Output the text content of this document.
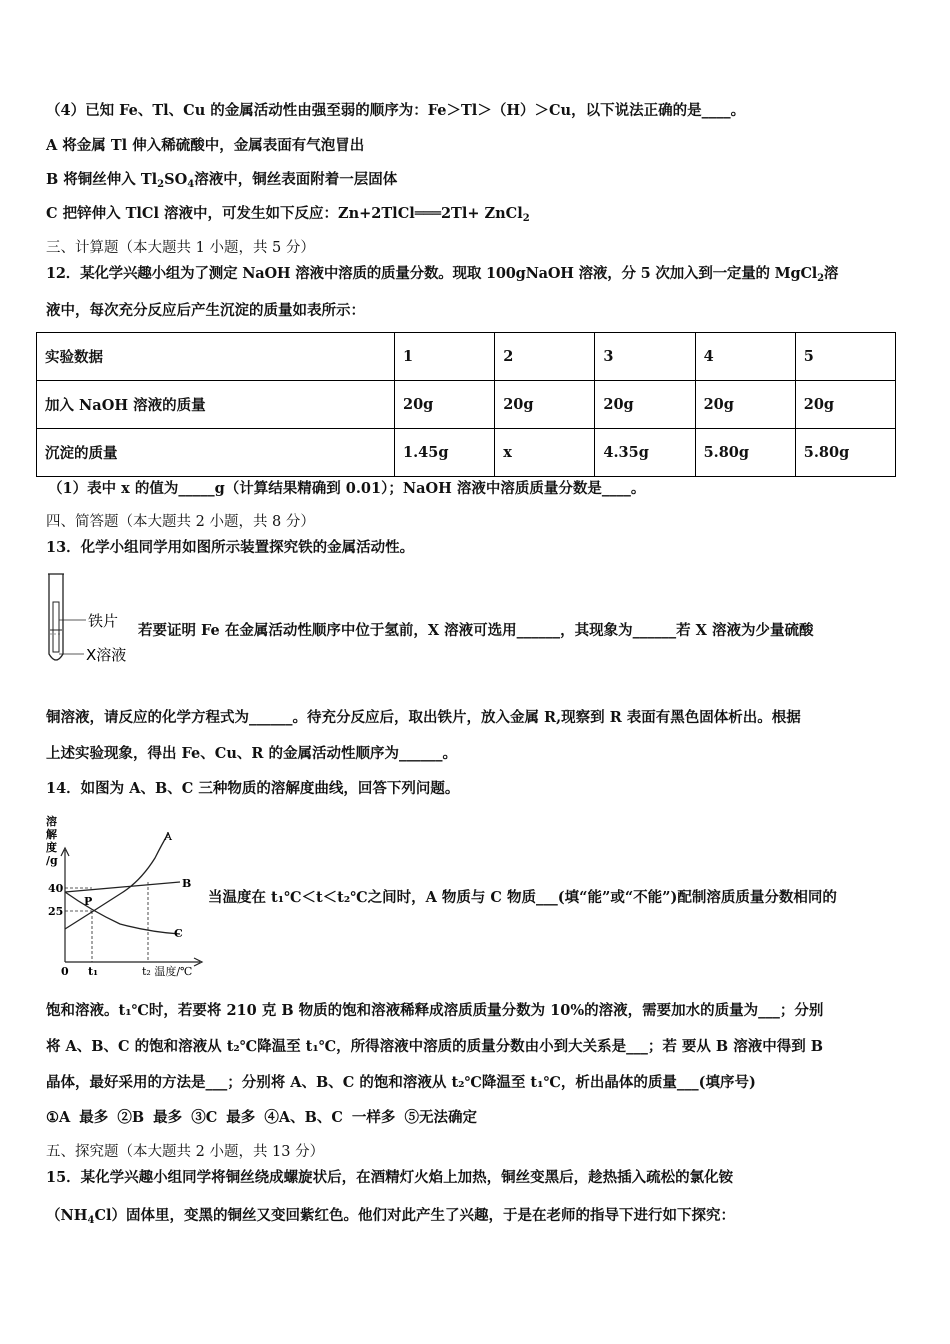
（4）已知 Fe、Tl、Cu 的金属活动性由强至弱的顺序为：Fe＞Tl＞（H）＞Cu，以下说法正确的是____。
A 将金属 Tl 伸入稀硫酸中，金属表面有气泡冒出
B 将铜丝伸入 $Tl_2SO_4$溶液中，铜丝表面附着一层固体
C 把锌伸入 TlCl 溶液中，可发生如下反应：Zn+2TlCl═══2Tl+ ZnCl$_2$
三、计算题（本大题共 1 小题，共 5 分）
12．某化学兴趣小组为了测定 NaOH 溶液中溶质的质量分数。现取 100gNaOH 溶液，分 5 次加入到一定量的 MgCl$_2$溶
液中，每次充分反应后产生沉淀的质量如表所示：
实验数据	1	2	3	4	5
加入 NaOH 溶液的质量	20g	20g	20g	20g	20g
沉淀的质量	1.45g	x	4.35g	5.80g	5.80g
（1）表中 x 的值为_____g（计算结果精确到 0.01）；NaOH 溶液中溶质质量分数是____。
四、简答题（本大题共 2 小题，共 8 分）
13．化学小组同学用如图所示装置探究铁的金属活动性。
铁片
X溶液
若要证明 Fe 在金属活动性顺序中位于氢前，X 溶液可选用______，其现象为______若 X 溶液为少量硫酸
铜溶液，请反应的化学方程式为______。待充分反应后，取出铁片，放入金属 R,现察到 R 表面有黑色固体析出。根据
上述实验现象，得出 Fe、Cu、R 的金属活动性顺序为______。
14．如图为 A、B、C 三种物质的溶解度曲线，回答下列问题。
溶
解
度
/g
40
25
P
A
B
C
0 t₁	t₂ 温度/℃
当温度在 t₁℃＜t＜t₂℃之间时，A 物质与 C 物质___(填“能”或“不能”)配制溶质质量分数相同的
饱和溶液。t₁℃时，若要将 210 克 B 物质的饱和溶液稀释成溶质质量分数为 10%的溶液，需要加水的质量为___；分别
将 A、B、C 的饱和溶液从 t₂℃降温至 t₁℃，所得溶液中溶质的质量分数由小到大关系是___；若 要从 B 溶液中得到 B
晶体，最好采用的方法是___；分别将 A、B、C 的饱和溶液从 t₂℃降温至 t₁℃，析出晶体的质量___(填序号)
①A 最多 ②B 最多 ③C 最多 ④A、B、C 一样多 ⑤无法确定
五、探究题（本大题共 2 小题，共 13 分）
15．某化学兴趣小组同学将铜丝绕成螺旋状后，在酒精灯火焰上加热，铜丝变黑后，趁热插入疏松的氯化铵
$(NH_4Cl)$固体里，变黑的铜丝又变回紫红色。他们对此产生了兴趣，于是在老师的指导下进行如下探究：
